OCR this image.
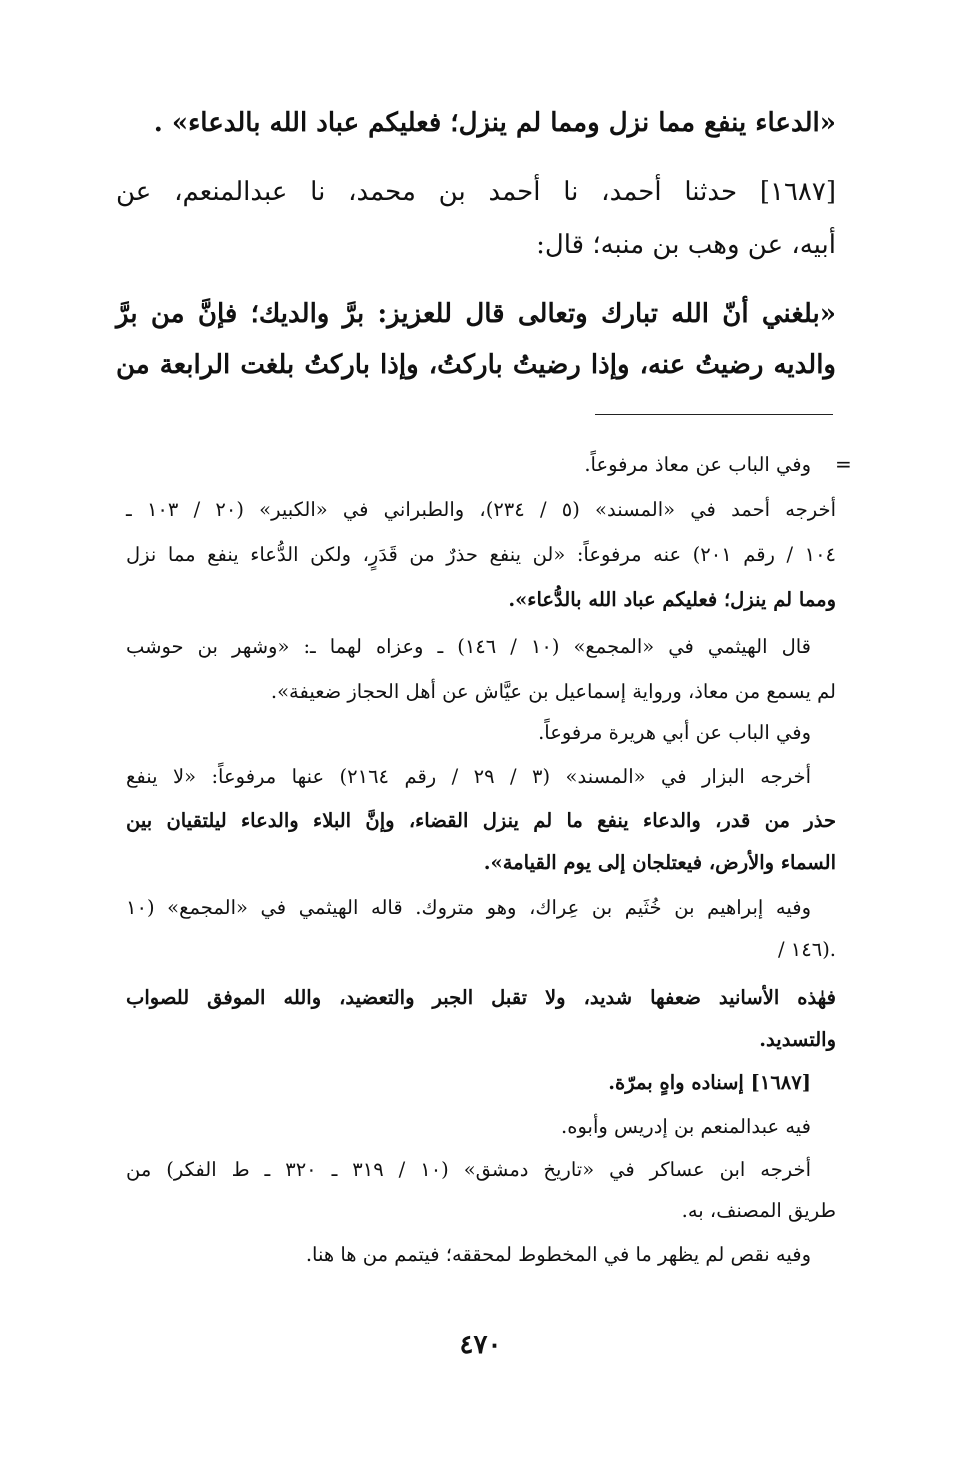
«الدعاء ينفع مما نزل ومما لم ينزل؛ فعليكم عباد الله بالدعاء» .
[١٦٨٧] حدثنا أحمد، نا أحمد بن محمد، نا عبدالمنعم، عن
أبيه، عن وهب بن منبه؛ قال:
«بلغني أنّ الله تبارك وتعالى قال للعزيز: برَّ والديك؛ فإنَّ من برَّ
والديه رضيتُ عنه، وإذا رضيتُ باركتُ، وإذا باركتُ بلغت الرابعة من
=
وفي الباب عن معاذ مرفوعاً.
أخرجه أحمد في «المسند» (٥ / ٢٣٤)، والطبراني في «الكبير» (٢٠ / ١٠٣ ـ
١٠٤ / رقم ٢٠١) عنه مرفوعاً: «لن ينفع حذرٌ من قَدَرٍ، ولكن الدُّعاء ينفع مما نزل
ومما لم ينزل؛ فعليكم عباد الله بالدُّعاء».
قال الهيثمي في «المجمع» (١٠ / ١٤٦) ـ وعزاه لهما ـ: «وشهر بن حوشب
لم يسمع من معاذ، ورواية إسماعيل بن عيَّاش عن أهل الحجاز ضعيفة».
وفي الباب عن أبي هريرة مرفوعاً.
أخرجه البزار في «المسند» (٣ / ٢٩ / رقم ٢١٦٤) عنها مرفوعاً: «لا ينفع
حذر من قدر، والدعاء ينفع ما لم ينزل القضاء، وإنَّ البلاء والدعاء ليلتقيان بين
السماء والأرض، فيعتلجان إلى يوم القيامة».
وفيه إبراهيم بن خُثَيم بن عِراك، وهو متروك. قاله الهيثمي في «المجمع» (١٠
/ ١٤٦).
فهٰذه الأسانيد ضعفها شديد، ولا تقبل الجبر والتعضيد، والله الموفق للصواب
والتسديد.
[١٦٨٧] إسناده واهٍ بمرّة.
فيه عبدالمنعم بن إدريس وأبوه.
أخرجه ابن عساكر في «تاريخ دمشق» (١٠ / ٣١٩ ـ ٣٢٠ ـ ط الفكر) من
طريق المصنف، به.
وفيه نقص لم يظهر ما في المخطوط لمحققه؛ فيتمم من ها هنا.
٤٧٠
